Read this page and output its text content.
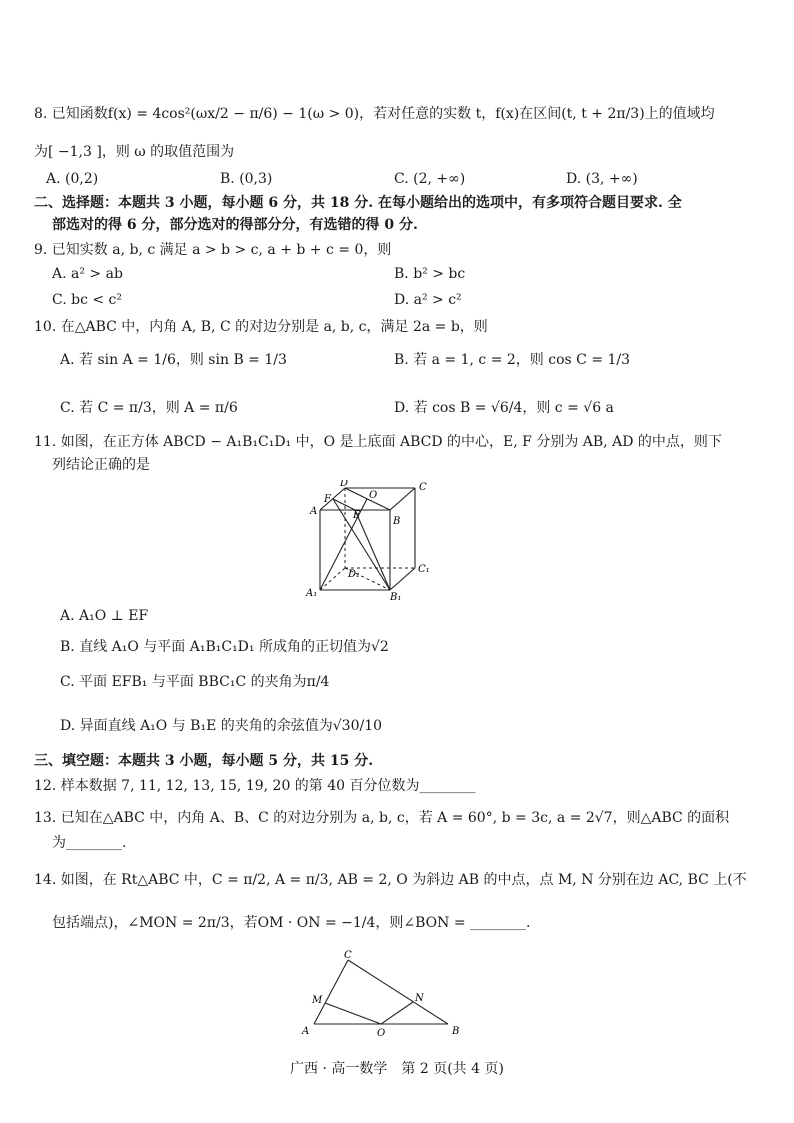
8. 已知函数f(x) = 4cos²(ωx/2 − π/6) − 1(ω > 0)，若对任意的实数 t，f(x)在区间(t, t + 2π/3)上的值域均
为[ −1,3 ]，则 ω 的取值范围为
A. (0,2)	B. (0,3)	C. (2, +∞)	D. (3, +∞)
二、选择题：本题共 3 小题，每小题 6 分，共 18 分. 在每小题给出的选项中，有多项符合题目要求. 全
部选对的得 6 分，部分选对的得部分分，有选错的得 0 分.
9. 已知实数 a, b, c 满足 a > b > c, a + b + c = 0，则
A. a² > ab	B. b² > bc
C. bc < c²	D. a² > c²
10. 在△ABC 中，内角 A, B, C 的对边分别是 a, b, c，满足 2a = b，则
A. 若 sin A = 1/6，则 sin B = 1/3	B. 若 a = 1, c = 2，则 cos C = 1/3
C. 若 C = π/3，则 A = π/6	D. 若 cos B = √6/4，则 c = √6 a
11. 如图，在正方体 ABCD − A₁B₁C₁D₁ 中，O 是上底面 ABCD 的中心，E, F 分别为 AB, AD 的中点，则下
列结论正确的是
A
B
C
D
E
F	O
A₁	B₁
C₁
D₁
A. A₁O ⊥ EF
B. 直线 A₁O 与平面 A₁B₁C₁D₁ 所成角的正切值为√2
C. 平面 EFB₁ 与平面 BBC₁C 的夹角为π/4
D. 异面直线 A₁O 与 B₁E 的夹角的余弦值为√30/10
三、填空题：本题共 3 小题，每小题 5 分，共 15 分.
12. 样本数据 7, 11, 12, 13, 15, 19, 20 的第 40 百分位数为________
13. 已知在△ABC 中，内角 A、B、C 的对边分别为 a, b, c，若 A = 60°, b = 3c, a = 2√7，则△ABC 的面积
为________.
14. 如图，在 Rt△ABC 中，C = π/2, A = π/3, AB = 2, O 为斜边 AB 的中点，点 M, N 分别在边 AC, BC 上(不
包括端点)，∠MON = 2π/3，若OM · ON = −1/4，则∠BON = ________.
C
M	N
A	O	B
广西 · 高一数学　第 2 页(共 4 页)
